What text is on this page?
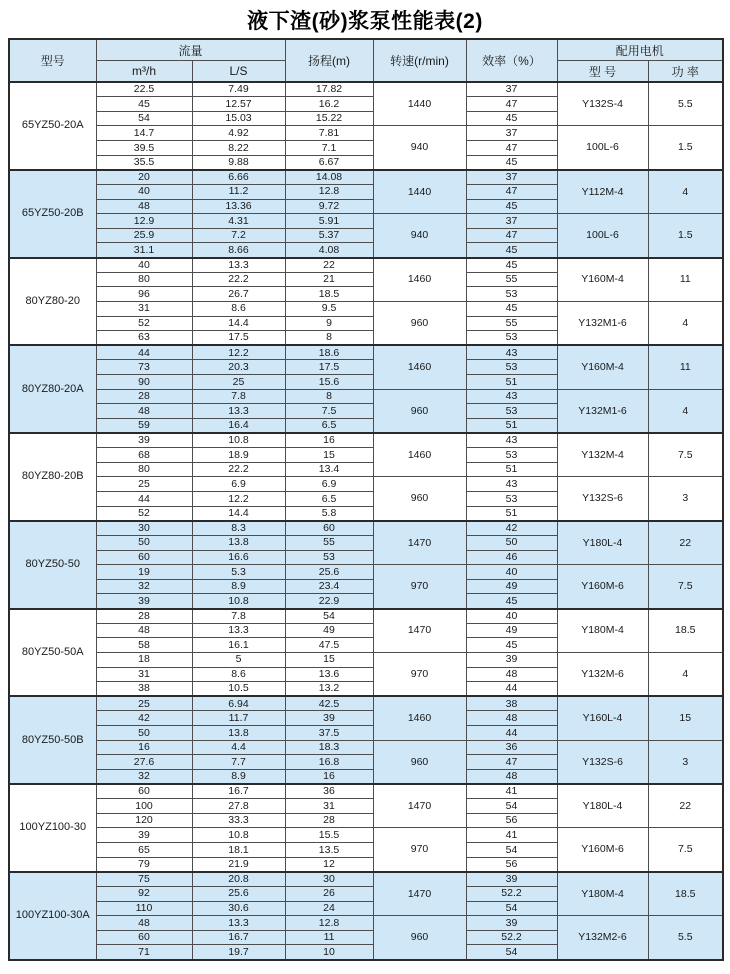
液下渣(砂)浆泵性能表(2)
型号	流量		扬程(m)	转速(r/min)	效率（%）	配用电机	
	m³/h	L/S				型 号	功 率
65YZ50-20A	22.5	7.49	17.82	1440	37	Y132S-4	5.5
	45	12.57	16.2		47		
	54	15.03	15.22		45		
	14.7	4.92	7.81	940	37	100L-6	1.5
	39.5	8.22	7.1		47		
	35.5	9.88	6.67		45		
65YZ50-20B	20	6.66	14.08	1440	37	Y112M-4	4
	40	11.2	12.8		47		
	48	13.36	9.72		45		
	12.9	4.31	5.91	940	37	100L-6	1.5
	25.9	7.2	5.37		47		
	31.1	8.66	4.08		45		
80YZ80-20	40	13.3	22	1460	45	Y160M-4	11
	80	22.2	21		55		
	96	26.7	18.5		53		
	31	8.6	9.5	960	45	Y132M1-6	4
	52	14.4	9		55		
	63	17.5	8		53		
80YZ80-20A	44	12.2	18.6	1460	43	Y160M-4	11
	73	20.3	17.5		53		
	90	25	15.6		51		
	28	7.8	8	960	43	Y132M1-6	4
	48	13.3	7.5		53		
	59	16.4	6.5		51		
80YZ80-20B	39	10.8	16	1460	43	Y132M-4	7.5
	68	18.9	15		53		
	80	22.2	13.4		51		
	25	6.9	6.9	960	43	Y132S-6	3
	44	12.2	6.5		53		
	52	14.4	5.8		51		
80YZ50-50	30	8.3	60	1470	42	Y180L-4	22
	50	13.8	55		50		
	60	16.6	53		46		
	19	5.3	25.6	970	40	Y160M-6	7.5
	32	8.9	23.4		49		
	39	10.8	22.9		45		
80YZ50-50A	28	7.8	54	1470	40	Y180M-4	18.5
	48	13.3	49		49		
	58	16.1	47.5		45		
	18	5	15	970	39	Y132M-6	4
	31	8.6	13.6		48		
	38	10.5	13.2		44		
80YZ50-50B	25	6.94	42.5	1460	38	Y160L-4	15
	42	11.7	39		48		
	50	13.8	37.5		44		
	16	4.4	18.3	960	36	Y132S-6	3
	27.6	7.7	16.8		47		
	32	8.9	16		48		
100YZ100-30	60	16.7	36	1470	41	Y180L-4	22
	100	27.8	31		54		
	120	33.3	28		56		
	39	10.8	15.5	970	41	Y160M-6	7.5
	65	18.1	13.5		54		
	79	21.9	12		56		
100YZ100-30A	75	20.8	30	1470	39	Y180M-4	18.5
	92	25.6	26		52.2		
	110	30.6	24		54		
	48	13.3	12.8	960	39	Y132M2-6	5.5
	60	16.7	11		52.2		
	71	19.7	10		54		
